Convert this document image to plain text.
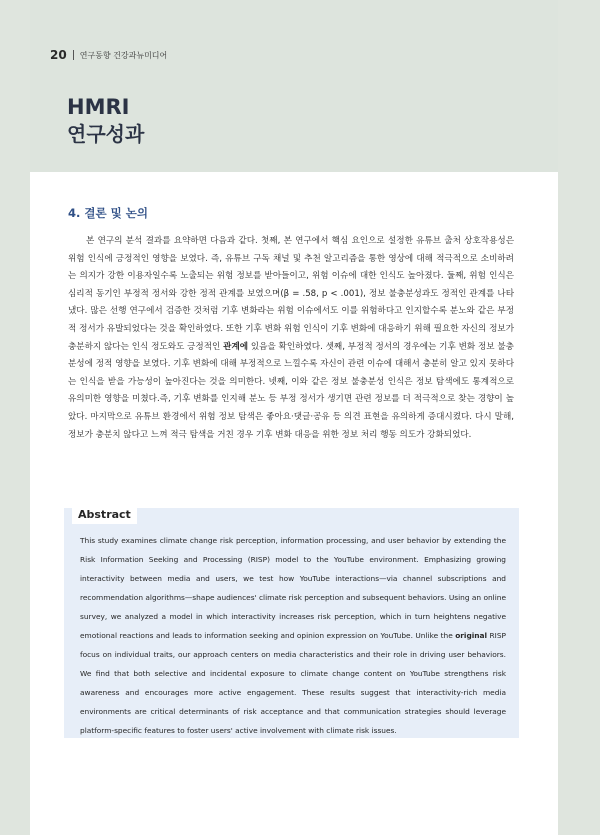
20 연구동향 건강과뉴미디어
HMRI
연구성과
4. 결론 및 논의

본 연구의 분석 결과를 요약하면 다음과 같다. 첫째, 본 연구에서 핵심 요인으로 설정한 유튜브 출처 상호작용성은 위험 인식에 긍정적인 영향을 보였다. 즉, 유튜브 구독 채널 및 추천 알고리즘을 통한 영상에 대해 적극적으로 소비하려는 의지가 강한 이용자일수록 노출되는 위험 정보를 받아들이고, 위험 이슈에 대한 인식도 높아졌다. 둘째, 위험 인식은 심리적 동기인 부정적 정서와 강한 정적 관계를 보였으며(β = .58, p < .001), 정보 불충분성과도 정적인 관계를 나타냈다. 많은 선행 연구에서 검증한 것처럼 기후 변화라는 위험 이슈에서도 이를 위험하다고 인지할수록 분노와 같은 부정적 정서가 유발되었다는 것을 확인하였다. 또한 기후 변화 위험 인식이 기후 변화에 대응하기 위해 필요한 자신의 정보가 충분하지 않다는 인식 정도와도 긍정적인 관계에 있음을 확인하였다. 셋째, 부정적 정서의 경우에는 기후 변화 정보 불충분성에 정적 영향을 보였다. 기후 변화에 대해 부정적으로 느낄수록 자신이 관련 이슈에 대해서 충분히 알고 있지 못하다는 인식을 받을 가능성이 높아진다는 것을 의미한다. 넷째, 이와 같은 정보 불충분성 인식은 정보 탐색에도 통계적으로 유의미한 영향을 미쳤다.즉, 기후 변화를 인지해 분노 등 부정 정서가 생기면 관련 정보를 더 적극적으로 찾는 경향이 높았다. 마지막으로 유튜브 환경에서 위험 정보 탐색은 좋아요·댓글·공유 등 의견 표현을 유의하게 증대시켰다. 다시 말해, 정보가 충분치 않다고 느껴 적극 탐색을 거친 경우 기후 변화 대응을 위한 정보 처리 행동 의도가 강화되었다.

Abstract

This study examines climate change risk perception, information processing, and user behavior by extending the Risk Information Seeking and Processing (RISP) model to the YouTube environment. Emphasizing growing interactivity between media and users, we test how YouTube interactions—via channel subscriptions and recommendation algorithms—shape audiences' climate risk perception and subsequent behaviors. Using an online survey, we analyzed a model in which interactivity increases risk perception, which in turn heightens negative emotional reactions and leads to information seeking and opinion expression on YouTube. Unlike the original RISP focus on individual traits, our approach centers on media characteristics and their role in driving user behaviors. We find that both selective and incidental exposure to climate change content on YouTube strengthens risk awareness and encourages more active engagement. These results suggest that interactivity-rich media environments are critical determinants of risk acceptance and that communication strategies should leverage platform-specific features to foster users' active involvement with climate risk issues.
